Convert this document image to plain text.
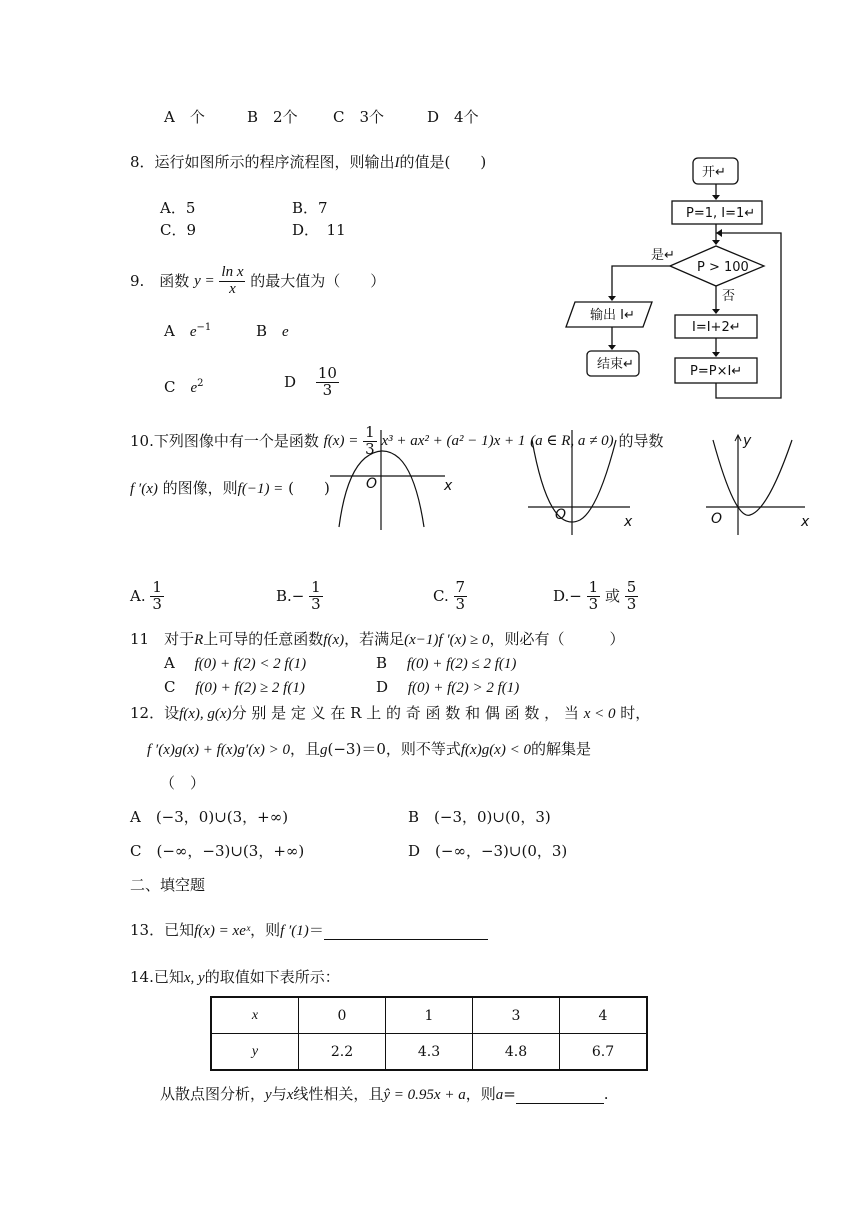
A　个	B　2个 C　3个	D　4个
8．运行如图所示的程序流程图，则输出I的值是(　　)
A．5	B．7
C．9	D．　11
开↵
P=1, I=1↵
P > 100
是↵
否
输出 I↵
结束↵
I=I+2↵
P=P×I↵
9.　函数 $y = \frac{\text{ln x}}{x}$ 的最大值为（　　）
A　$e^{-1}$	B　e
C　$e^2$	D　 $\frac{10}{3}$
O	x
O	x	O	x
y
10.下列图像中有一个是函数 $f(x) = \frac{1}{3} x^3 + ax^2 + (a^2 - 1)x + 1$ (a ∈ R, a ≠ 0) 的导数
f ′(x) 的图像，则f(−1) = (　　)
A. $\frac{1}{3}$	$B.- \frac{1}{3}$	C. $\frac{7}{3}$	$D.- \frac{1}{3}$ 或 $\frac{5}{3}$
11　对于R上可导的任意函数f(x)，若满足(x−1)f ′(x) ≥ 0，则必有（　　　）
A　 f(0) + f(2) < 2 f(1)	B　 f(0) + f(2) ≤ 2 f(1)
C　 f(0) + f(2) ≥ 2 f(1)	D　 f(0) + f(2) > 2 f(1)
12．设f(x), g(x)分 别 是 定 义 在 R 上 的 奇 函 数 和 偶 函 数 ， 当 x < 0 时，
f ′(x)g(x) + f(x)g′(x) > 0，且g(−3)＝0，则不等式f(x)g(x) < 0的解集是
（　）
A　(−3，0)∪(3，+∞)	B　(−3，0)∪(0，3)
C　(−∞，−3)∪(3，+∞)	D　(−∞，−3)∪(0，3)
二、填空题
13．已知f(x) = xeˣ，则f ′(1)＝
14.已知x, y的取值如下表所示：
x	0	1	3	4
y	2.2	4.3	4.8	6.7
从散点图分析，y与x线性相关，且ŷ = 0.95x + a，则a=	.
